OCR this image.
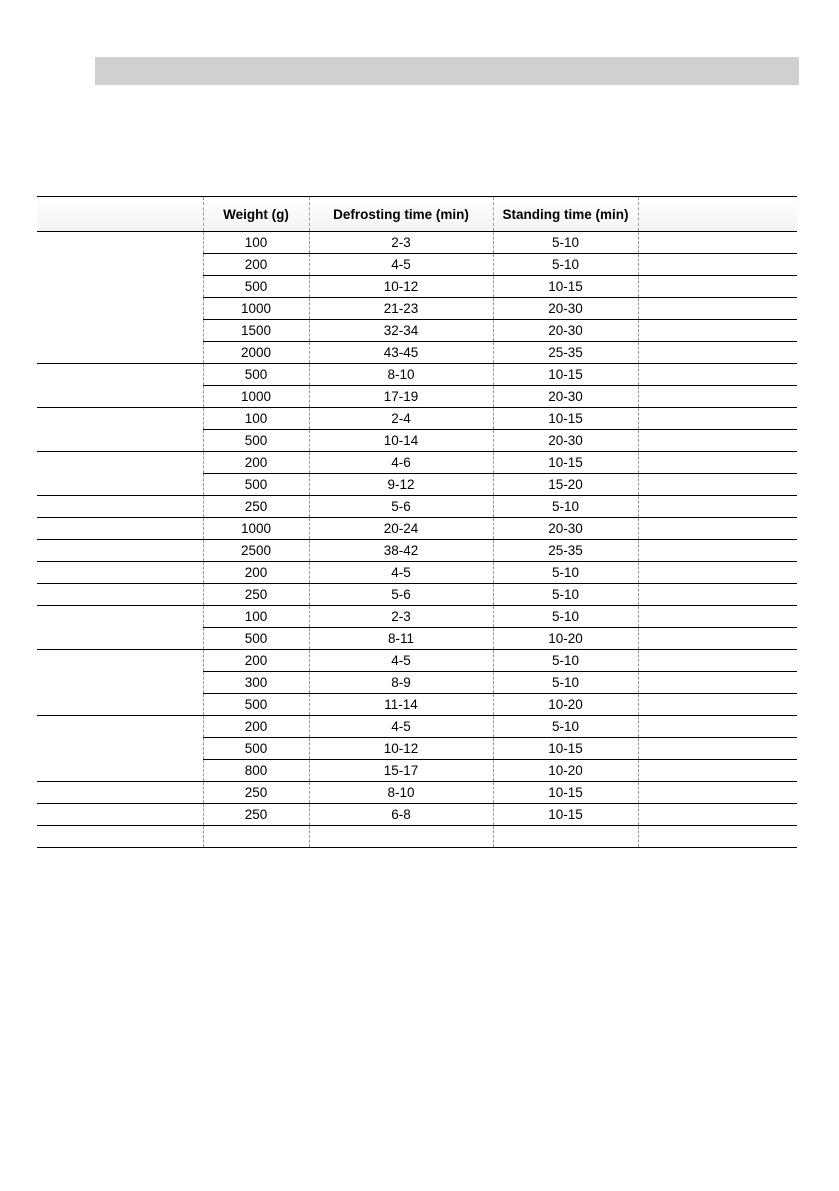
	Weight (g)	Defrosting time (min)	Standing time (min)	
	100	2-3	5-10	
	200	4-5	5-10	
	500	10-12	10-15	
	1000	21-23	20-30	
	1500	32-34	20-30	
	2000	43-45	25-35	
	500	8-10	10-15	
	1000	17-19	20-30	
	100	2-4	10-15	
	500	10-14	20-30	
	200	4-6	10-15	
	500	9-12	15-20	
	250	5-6	5-10	
	1000	20-24	20-30	
	2500	38-42	25-35	
	200	4-5	5-10	
	250	5-6	5-10	
	100	2-3	5-10	
	500	8-11	10-20	
	200	4-5	5-10	
	300	8-9	5-10	
	500	11-14	10-20	
	200	4-5	5-10	
	500	10-12	10-15	
	800	15-17	10-20	
	250	8-10	10-15	
	250	6-8	10-15	
